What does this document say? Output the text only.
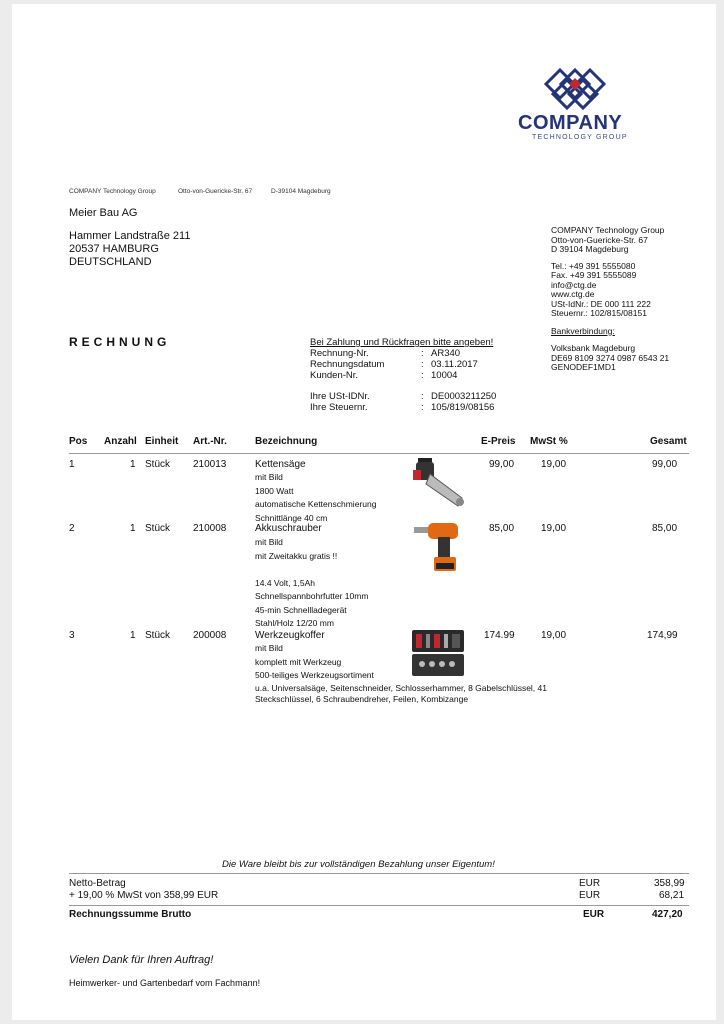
COMPANY
TECHNOLOGY GROUP
COMPANY Technology Group	Otto-von-Guericke-Str. 67	D-39104 Magdeburg
Meier Bau AG
Hammer Landstraße 211
20537 HAMBURG
DEUTSCHLAND
COMPANY Technology Group
Otto-von-Guericke-Str. 67
D 39104 Magdeburg
Tel.: +49 391 5555080
Fax. +49 391 5555089
info@ctg.de
www.ctg.de
USt-IdNr.: DE 000 111 222
Steuernr.: 102/815/08151
Bankverbindung:
Volksbank Magdeburg
DE69 8109 3274 0987 6543 21
GENODEF1MD1
RECHNUNG	Bei Zahlung und Rückfragen bitte angeben!
Rechnung-Nr.	: AR340
Rechnungsdatum	: 03.11.2017
Kunden-Nr.	: 10004
Ihre USt-IDNr.	: DE0003211250
Ihre Steuernr.	: 105/819/08156
Pos Anzahl Einheit Art.-Nr.	Bezeichnung	E-Preis MwSt %	Gesamt
1	1 Stück 210013	Kettensäge
mit Bild
1800 Watt
automatische Kettenschmierung
Schnittlänge 40 cm
99,00	19,00	99,00
2	1 Stück 210008	Akkuschrauber
mit Bild
mit Zweitakku gratis !!
14.4 Volt, 1,5Ah
Schnellspannbohrfutter 10mm
45-min Schnellladegerät
Stahl/Holz 12/20 mm
85,00	19,00	85,00
3	1 Stück 200008	Werkzeugkoffer
mit Bild
komplett mit Werkzeug
500-teiliges Werkzeugsortiment
u.a. Universalsäge, Seitenschneider, Schlosserhammer, 8 Gabelschlüssel, 41
Steckschlüssel, 6 Schraubendreher, Feilen, Kombizange
174.99	19,00	174,99
Die Ware bleibt bis zur vollständigen Bezahlung unser Eigentum!
Netto-Betrag	EUR	358,99
+ 19,00 % MwSt von 358,99 EUR	EUR	68,21
Rechnungssumme Brutto	EUR	427,20
Vielen Dank für Ihren Auftrag!
Heimwerker- und Gartenbedarf vom Fachmann!
